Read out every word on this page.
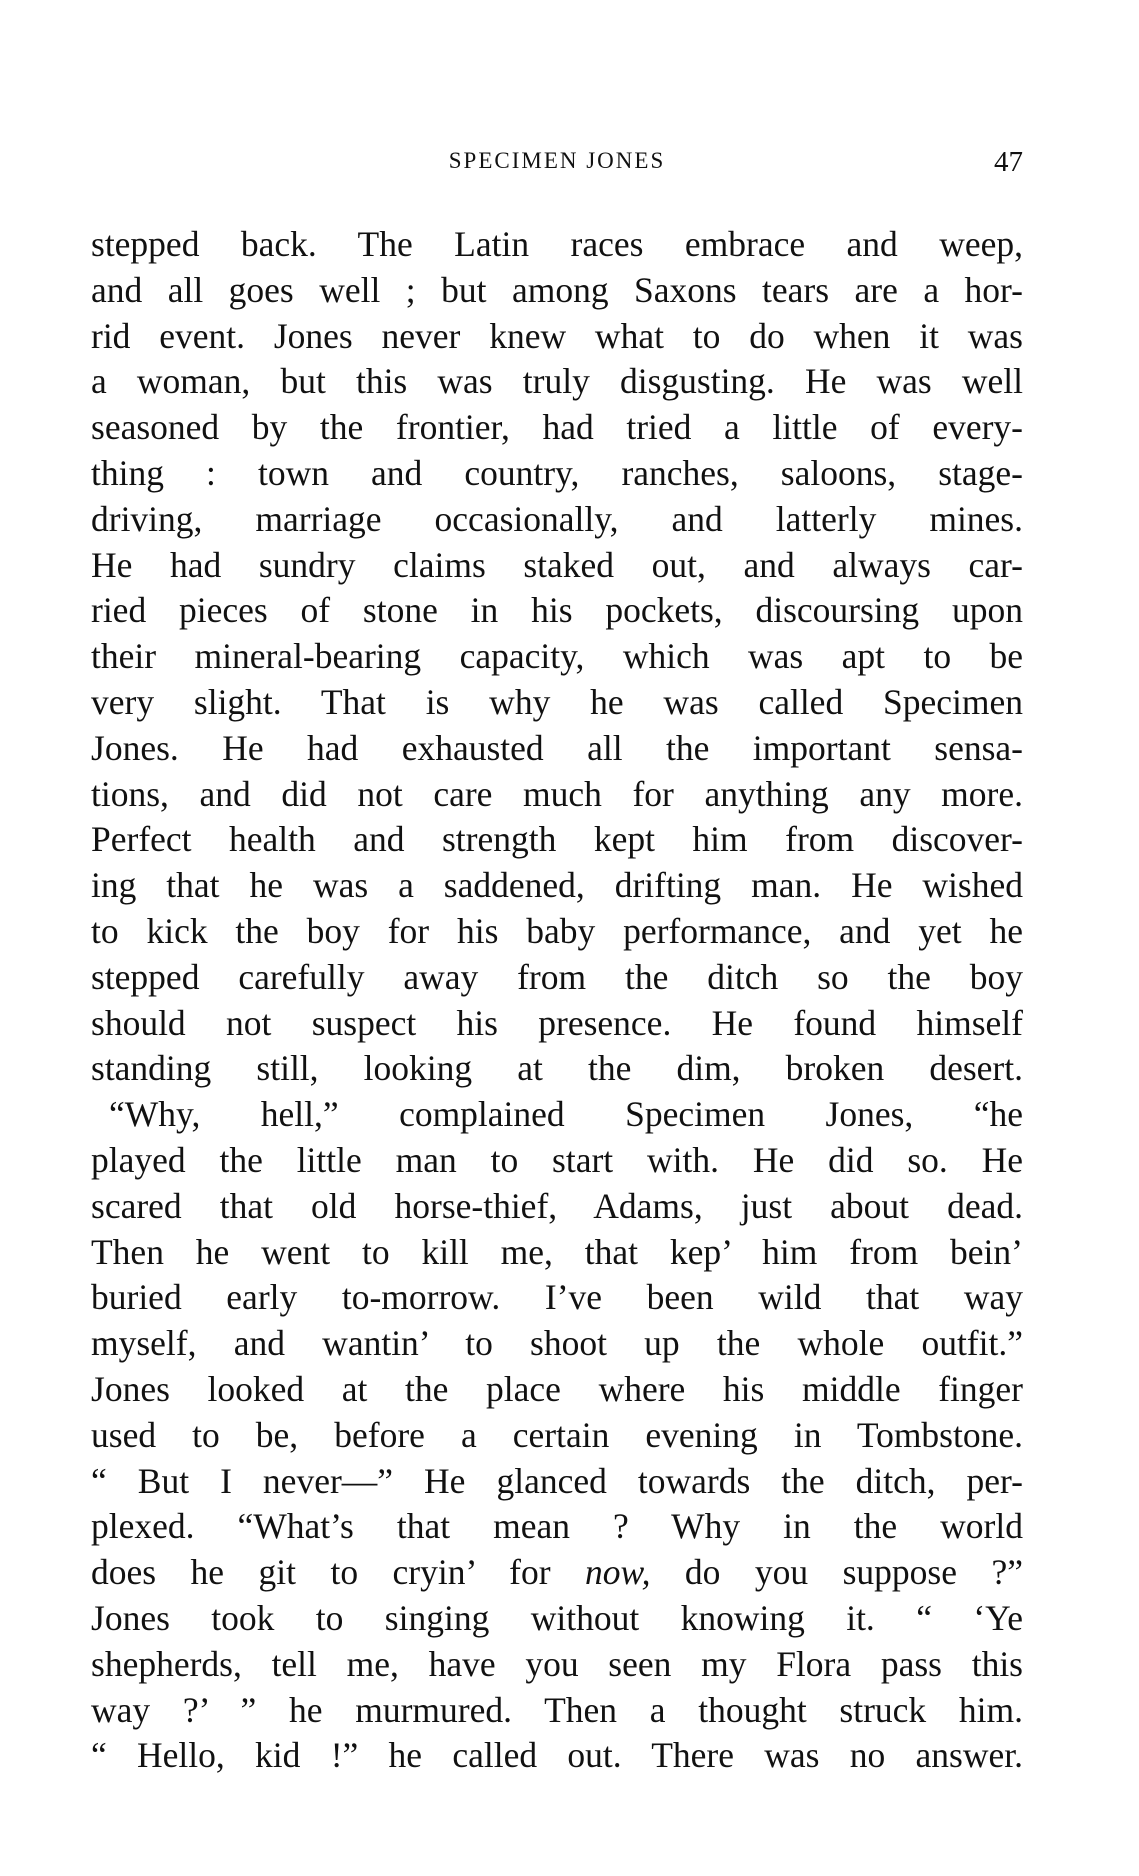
SPECIMEN JONES	47
stepped back. The Latin races embrace and weep,
and all goes well ; but among Saxons tears are a hor-
rid event. Jones never knew what to do when it was
a woman, but this was truly disgusting. He was well
seasoned by the frontier, had tried a little of every-
thing : town and country, ranches, saloons, stage-
driving, marriage occasionally, and latterly mines.
He had sundry claims staked out, and always car-
ried pieces of stone in his pockets, discoursing upon
their mineral-bearing capacity, which was apt to be
very slight. That is why he was called Specimen
Jones. He had exhausted all the important sensa-
tions, and did not care much for anything any more.
Perfect health and strength kept him from discover-
ing that he was a saddened, drifting man. He wished
to kick the boy for his baby performance, and yet he
stepped carefully away from the ditch so the boy
should not suspect his presence. He found himself
standing still, looking at the dim, broken desert.
“Why, hell,” complained Specimen Jones, “he
played the little man to start with. He did so. He
scared that old horse-thief, Adams, just about dead.
Then he went to kill me, that kep’ him from bein’
buried early to-morrow. I’ve been wild that way
myself, and wantin’ to shoot up the whole outfit.”
Jones looked at the place where his middle finger
used to be, before a certain evening in Tombstone.
“ But I never—” He glanced towards the ditch, per-
plexed. “What’s that mean ? Why in the world
does he git to cryin’ for now, do you suppose ?”
Jones took to singing without knowing it. “ ‘Ye
shepherds, tell me, have you seen my Flora pass this
way ?’ ” he murmured. Then a thought struck him.
“ Hello, kid !” he called out. There was no answer.
